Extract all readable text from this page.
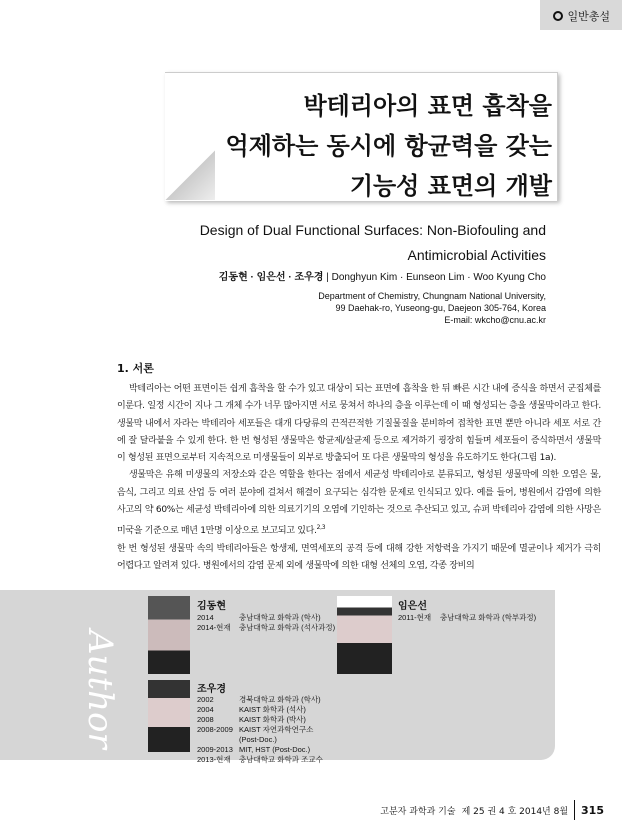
일반총설
박테리아의 표면 흡착을
억제하는 동시에 항균력을 갖는
기능성 표면의 개발
Design of Dual Functional Surfaces: Non-Biofouling and
Antimicrobial Activities
김동현 · 임은선 · 조우경 | Donghyun Kim · Eunseon Lim · Woo Kyung Cho
Department of Chemistry, Chungnam National University,
99 Daehak-ro, Yuseong-gu, Daejeon 305-764, Korea
E-mail: wkcho@cnu.ac.kr
1. 서론

박테리아는 어떤 표면이든 쉽게 흡착을 할 수가 있고 대상이 되는 표면에 흡착을 한 뒤 빠른 시간 내에 증식을 하면서 군집체를 이룬다. 일정 시간이 지나 그 개체 수가 너무 많아지면 서로 뭉쳐서 하나의 층을 이루는데 이 때 형성되는 층을 생물막이라고 한다. 생물막 내에서 자라는 박테리아 세포들은 대개 다당류의 끈적끈적한 기질물질을 분비하여 접착한 표면 뿐만 아니라 세포 서로 간에 잘 달라붙을 수 있게 한다. 한 번 형성된 생물막은 항균제/살균제 등으로 제거하기 굉장히 힘들며 세포들이 증식하면서 생물막이 형성된 표면으로부터 지속적으로 미생물들이 외부로 방출되어 또 다른 생물막의 형성을 유도하기도 한다(그림 1a).

생물막은 유해 미생물의 저장소와 같은 역할을 한다는 점에서 세균성 박테리아로 분류되고, 형성된 생물막에 의한 오염은 물, 음식, 그리고 의료 산업 등 여러 분야에 걸쳐서 해결이 요구되는 심각한 문제로 인식되고 있다. 예를 들어, 병원에서 감염에 의한 사고의 약 60%는 세균성 박테리아에 의한 의료기기의 오염에 기인하는 것으로 추산되고 있고, 슈퍼 박테리아 감염에 의한 사망은 미국을 기준으로 매년 1만명 이상으로 보고되고 있다.$^{2,3}$

한 번 형성된 생물막 속의 박테리아들은 항생제, 면역세포의 공격 등에 대해 강한 저항력을 가지기 때문에 멸균이나 제거가 극히 어렵다고 알려져 있다. 병원에서의 감염 문제 외에 생물막에 의한 대형 선체의 오염, 각종 장비의

Author
김동현
2014	충남대학교 화학과 (학사)
2014-현재	충남대학교 화학과 (석사과정)
임은선
2011-현재	충남대학교 화학과 (학부과정)
조우경
2002	경북대학교 화학과 (학사)
2004	KAIST 화학과 (석사)
2008	KAIST 화학과 (박사)
2008-2009 KAIST 자연과학연구소
(Post-Doc.)
2009-2013 MIT, HST (Post-Doc.)
2013-현재	충남대학교 화학과 조교수
고분자 과학과 기술 제 25 권 4 호 2014년 8월 315
